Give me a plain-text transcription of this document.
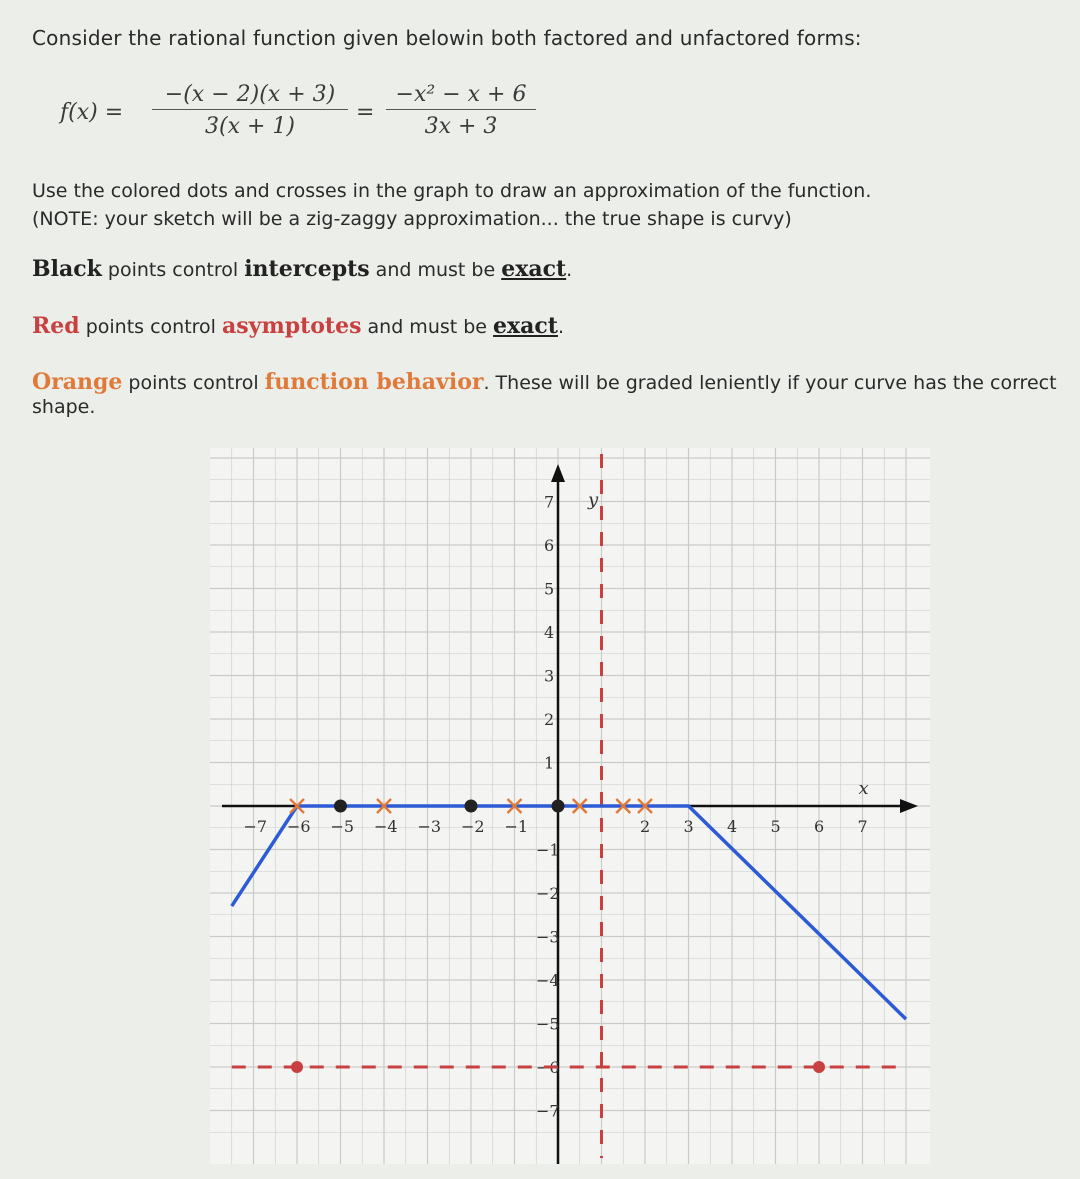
Consider the rational function given belowin both factored and unfactored forms:
f(x) =
−(x − 2)(x + 3)
3(x + 1)
=
−x² − x + 6
3x + 3
Use the colored dots and crosses in the graph to draw an approximation of the function.
(NOTE: your sketch will be a zig-zaggy approximation... the true shape is curvy)
Black points control intercepts and must be exact.
Red points control asymptotes and must be exact.
Orange points control function behavior. These will be graded leniently if your curve has the correct shape.
x
y
−7 −6 −5 −4 −3 −2 −1	2 3 4 5 6 7
7
6
5
4
3
2
1
−1
−2
−3
−4
−5
−6
−7
